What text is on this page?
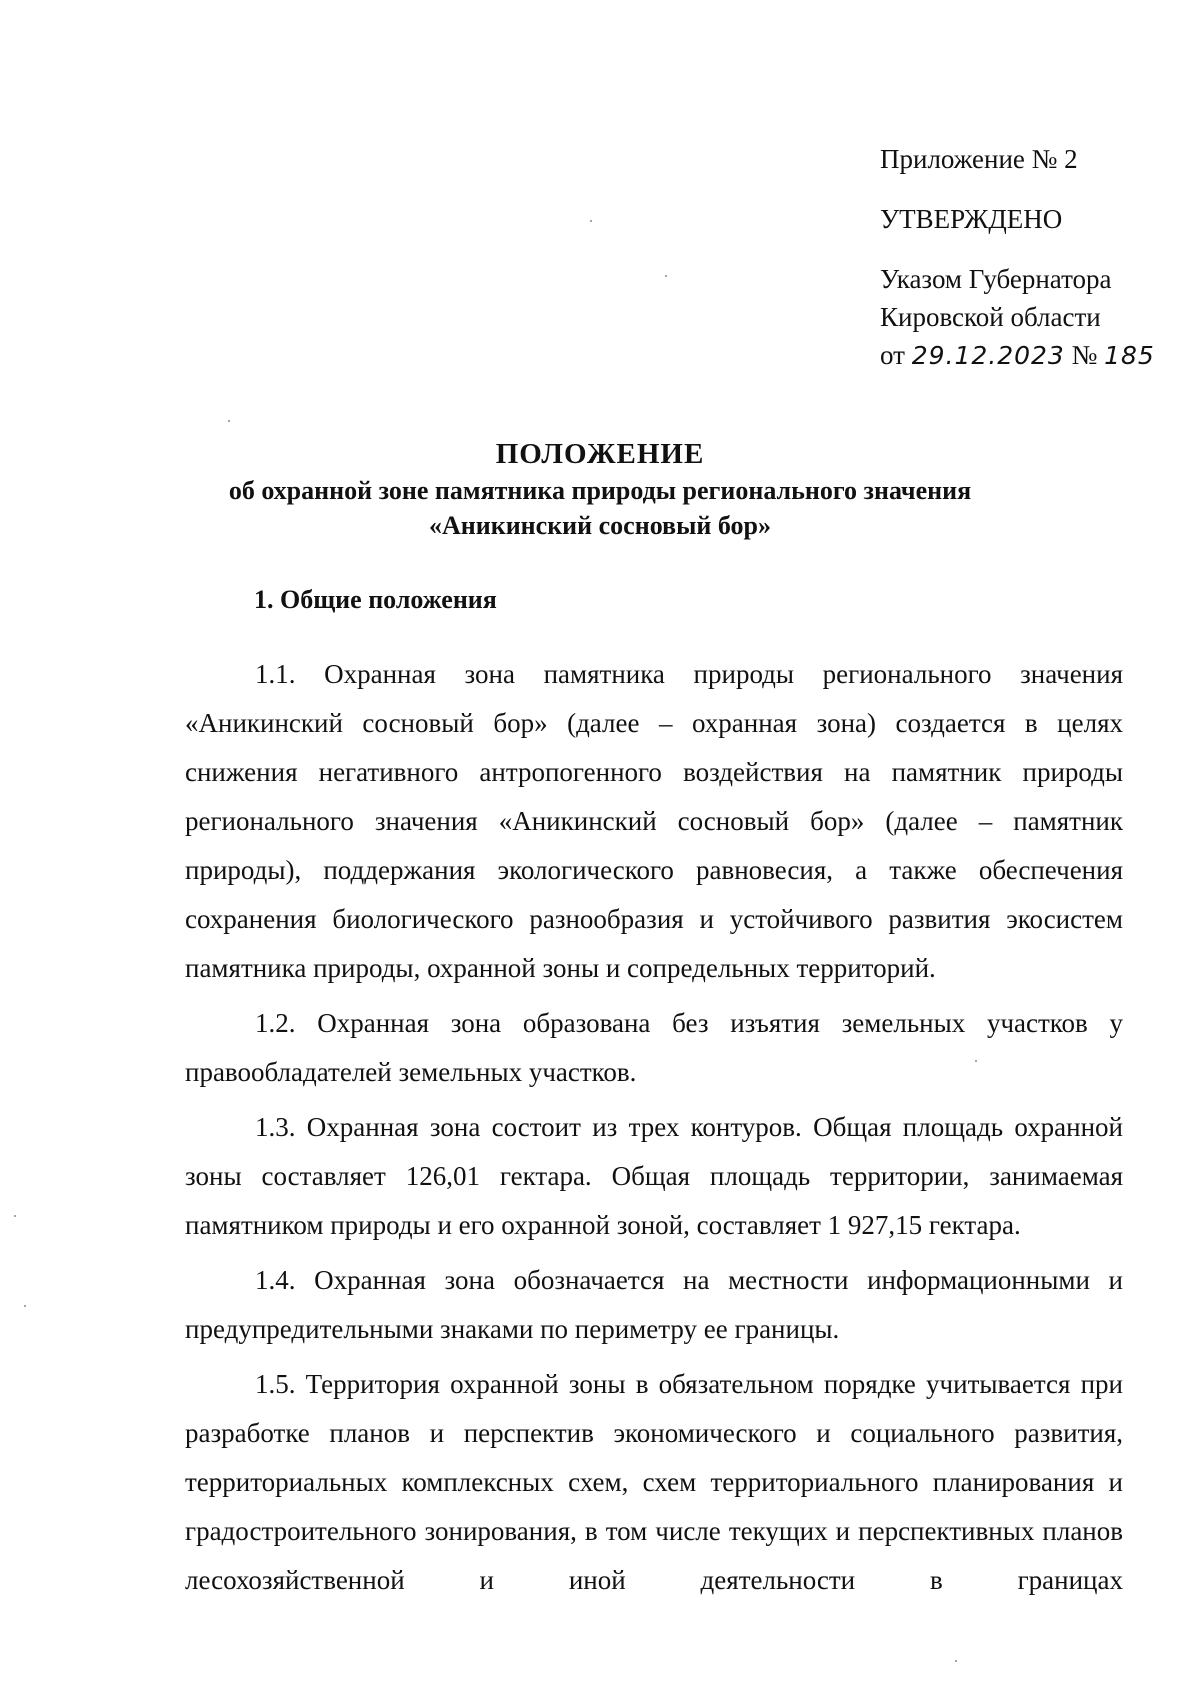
Приложение № 2
УТВЕРЖДЕНО
Указом Губернатора
Кировской области
от 29.12.2023 № 185
ПОЛОЖЕНИЕ
об охранной зоне памятника природы регионального значения
«Аникинский сосновый бор»
1. Общие положения

1.1. Охранная зона памятника природы регионального значения «Аникинский сосновый бор» (далее – охранная зона) создается в целях снижения негативного антропогенного воздействия на памятник природы регионального значения «Аникинский сосновый бор» (далее – памятник природы), поддержания экологического равновесия, а также обеспечения сохранения биологического разнообразия и устойчивого развития экосистем памятника природы, охранной зоны и сопредельных территорий.

1.2. Охранная зона образована без изъятия земельных участков у правообладателей земельных участков.

1.3. Охранная зона состоит из трех контуров. Общая площадь охранной зоны составляет 126,01 гектара. Общая площадь территории, занимаемая памятником природы и его охранной зоной, составляет 1 927,15 гектара.

1.4. Охранная зона обозначается на местности информационными и предупредительными знаками по периметру ее границы.

1.5. Территория охранной зоны в обязательном порядке учитывается при разработке планов и перспектив экономического и социального развития, территориальных комплексных схем, схем территориального планирования и градостроительного зонирования, в том числе текущих и перспективных планов лесохозяйственной и иной деятельности в границах
